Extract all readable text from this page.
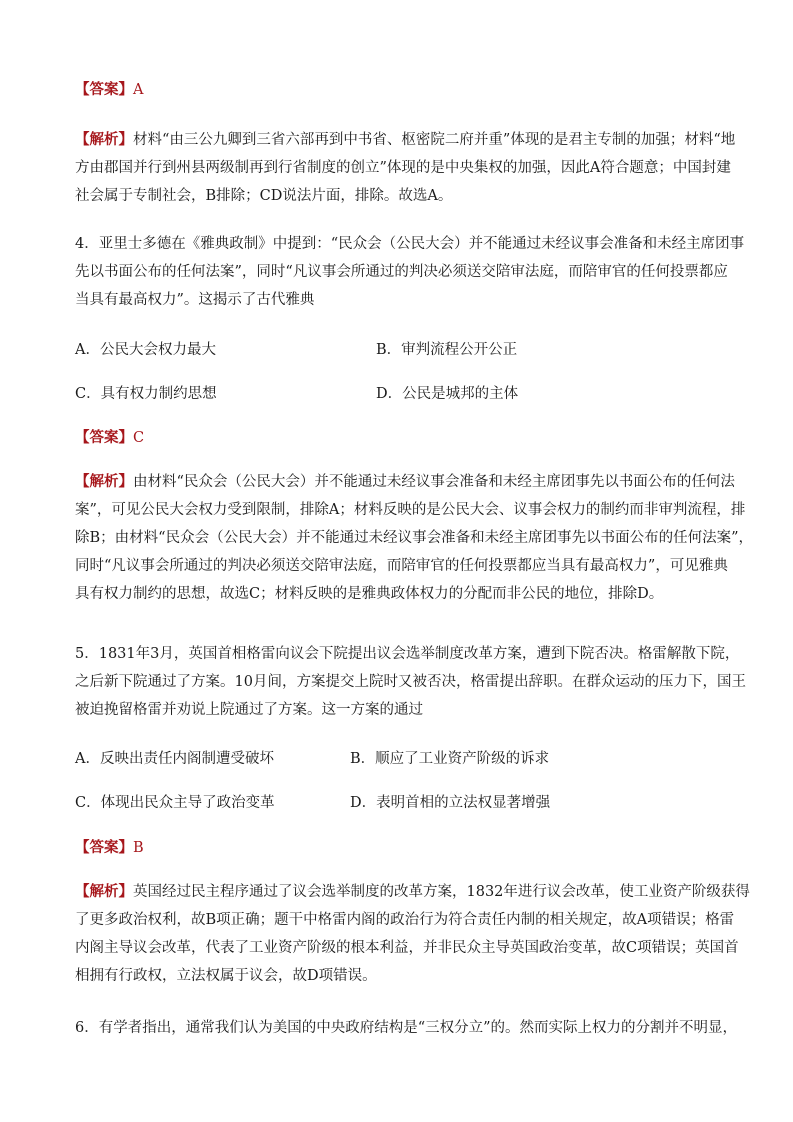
【答案】A
【解析】材料“由三公九卿到三省六部再到中书省、枢密院二府并重”体现的是君主专制的加强；材料“地
方由郡国并行到州县两级制再到行省制度的创立”体现的是中央集权的加强，因此A符合题意；中国封建
社会属于专制社会，B排除；CD说法片面，排除。故选A。
4．亚里士多德在《雅典政制》中提到：“民众会（公民大会）并不能通过未经议事会准备和未经主席团事
先以书面公布的任何法案”，同时“凡议事会所通过的判决必须送交陪审法庭，而陪审官的任何投票都应
当具有最高权力”。这揭示了古代雅典
A．公民大会权力最大	B．审判流程公开公正
C．具有权力制约思想	D．公民是城邦的主体
【答案】C
【解析】由材料“民众会（公民大会）并不能通过未经议事会准备和未经主席团事先以书面公布的任何法
案”，可见公民大会权力受到限制，排除A；材料反映的是公民大会、议事会权力的制约而非审判流程，排
除B；由材料“民众会（公民大会）并不能通过未经议事会准备和未经主席团事先以书面公布的任何法案”，
同时“凡议事会所通过的判决必须送交陪审法庭，而陪审官的任何投票都应当具有最高权力”，可见雅典
具有权力制约的思想，故选C；材料反映的是雅典政体权力的分配而非公民的地位，排除D。
5．1831年3月，英国首相格雷向议会下院提出议会选举制度改革方案，遭到下院否决。格雷解散下院，
之后新下院通过了方案。10月间，方案提交上院时又被否决，格雷提出辞职。在群众运动的压力下，国王
被迫挽留格雷并劝说上院通过了方案。这一方案的通过
A．反映出责任内阁制遭受破坏	B．顺应了工业资产阶级的诉求
C．体现出民众主导了政治变革	D．表明首相的立法权显著增强
【答案】B
【解析】英国经过民主程序通过了议会选举制度的改革方案，1832年进行议会改革，使工业资产阶级获得
了更多政治权利，故B项正确；题干中格雷内阁的政治行为符合责任内制的相关规定，故A项错误；格雷
内阁主导议会改革，代表了工业资产阶级的根本利益，并非民众主导英国政治变革，故C项错误；英国首
相拥有行政权，立法权属于议会，故D项错误。
6．有学者指出，通常我们认为美国的中央政府结构是“三权分立”的。然而实际上权力的分割并不明显，
